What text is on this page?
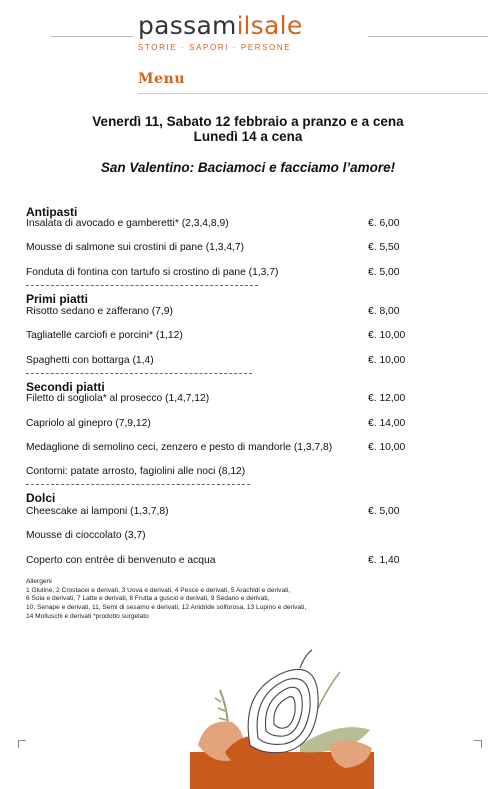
passamilsale
STORIE · SAPORI · PERSONE
Menu
Venerdì 11, Sabato 12 febbraio a pranzo e a cena
Lunedì 14 a cena
San Valentino: Baciamoci e facciamo l’amore!
Antipasti
Insalata di avocado e gamberetti* (2,3,4,8,9)	€. 6,00
Mousse di salmone sui crostini di pane (1,3,4,7)	€. 5,50
Fonduta di fontina con tartufo si crostino di pane (1,3,7)	€. 5,00
Primi piatti
Risotto sedano e zafferano (7,9)	€. 8,00
Tagliatelle carciofi e porcini* (1,12)	€. 10,00
Spaghetti con bottarga (1,4)	€. 10,00
Secondi piatti
Filetto di sogliola* al prosecco (1,4,7,12)	€. 12,00
Capriolo al ginepro (7,9,12)	€. 14,00
Medaglione di semolino ceci, zenzero e pesto di mandorle (1,3,7,8)	€. 10,00
Contorni: patate arrosto, fagiolini alle noci (8,12)
Dolci
Cheescake ai lamponi (1,3,7,8)	€. 5,00
Mousse di cioccolato (3,7)
Coperto con entrée di benvenuto e acqua	€. 1,40
Allergeni
1 Glutine, 2 Crostacei e derivati, 3 Uova e derivati, 4 Pesce e derivati, 5 Arachidi e derivati,
6 Soia e derivati, 7 Latte e derivati, 8 Frutta a guscio e derivati, 9 Sedano e derivati,
10, Senape e derivati, 11, Semi di sesamo e derivati, 12 Anidride solforosa, 13 Lupino e derivati,
14 Molluschi e derivati *prodotto surgelato
